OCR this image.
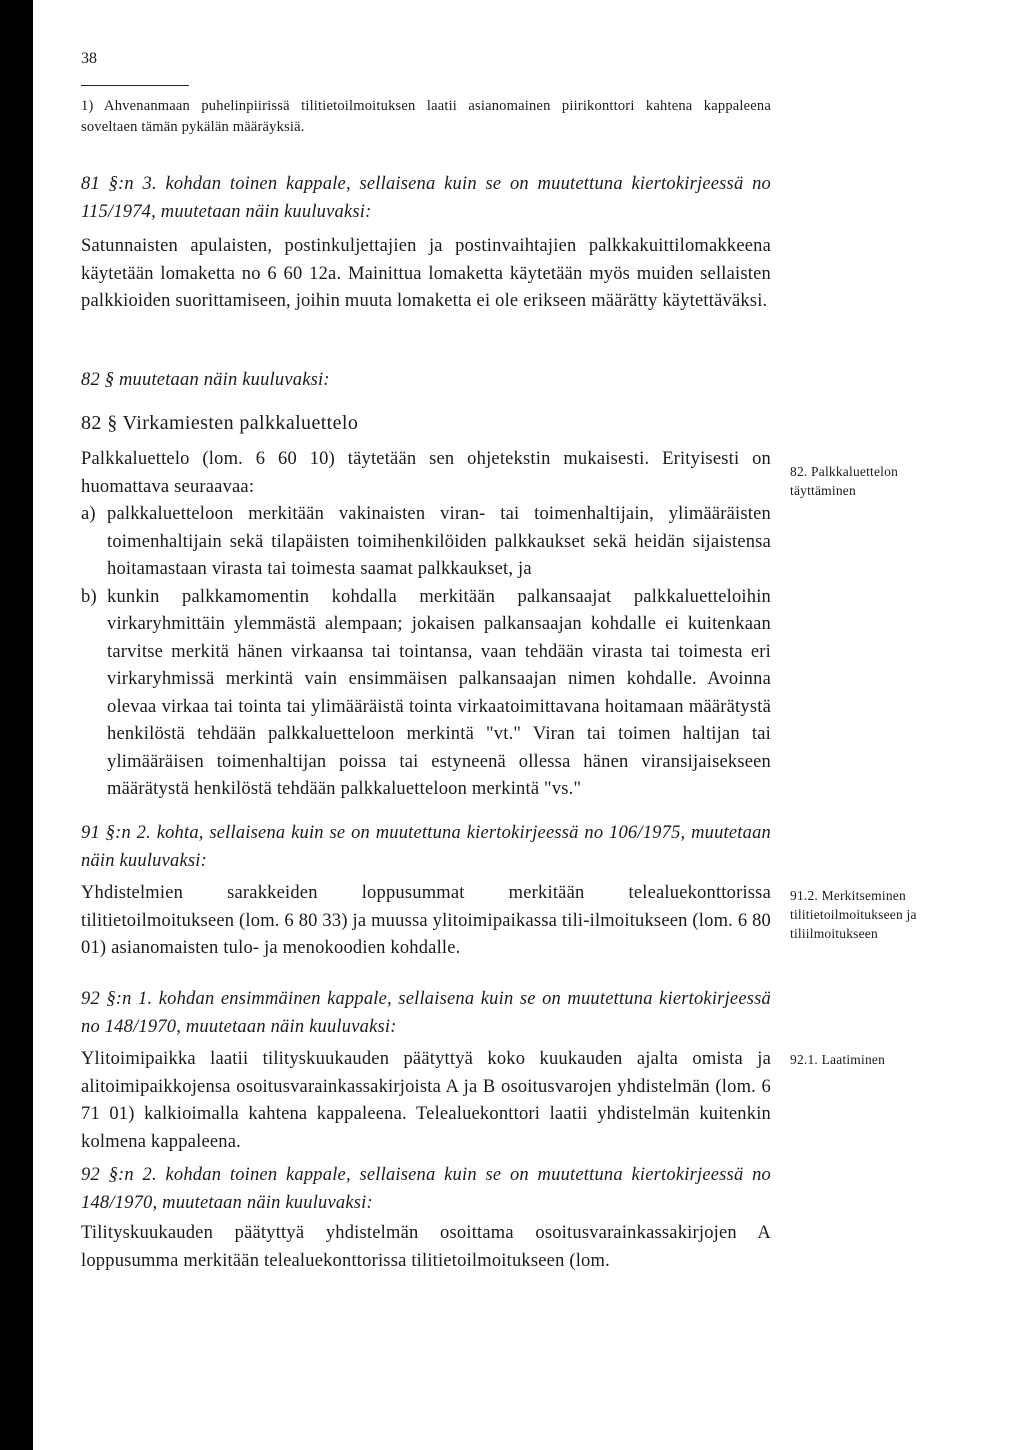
38

1) Ahvenanmaan puhelinpiirissä tilitietoilmoituksen laatii asianomainen piirikonttori kahtena kappaleena soveltaen tämän pykälän määräyksiä.

81 §:n 3. kohdan toinen kappale, sellaisena kuin se on muutettuna kiertokirjeessä no 115/1974, muutetaan näin kuuluvaksi:

Satunnaisten apulaisten, postinkuljettajien ja postinvaihtajien palkkakuittilomakkeena käytetään lomaketta no 6 60 12a. Mainittua lomaketta käytetään myös muiden sellaisten palkkioiden suorittamiseen, joihin muuta lomaketta ei ole erikseen määrätty käytettäväksi.

82 § muutetaan näin kuuluvaksi:

82 § Virkamiesten palkkaluettelo

Palkkaluettelo (lom. 6 60 10) täytetään sen ohjetekstin mukaisesti. Erityisesti on huomattava seuraavaa:

a) palkkaluetteloon merkitään vakinaisten viran- tai toimenhaltijain, ylimääräisten toimenhaltijain sekä tilapäisten toimihenkilöiden palkkaukset sekä heidän sijaistensa hoitamastaan virasta tai toimesta saamat palkkaukset, ja
b) kunkin palkkamomentin kohdalla merkitään palkansaajat palkkaluetteloihin virkaryhmittäin ylemmästä alempaan; jokaisen palkansaajan kohdalle ei kuitenkaan tarvitse merkitä hänen virkaansa tai tointansa, vaan tehdään virasta tai toimesta eri virkaryhmissä merkintä vain ensimmäisen palkansaajan nimen kohdalle. Avoinna olevaa virkaa tai tointa tai ylimääräistä tointa virkaatoimittavana hoitamaan määrätystä henkilöstä tehdään palkkaluetteloon merkintä "vt." Viran tai toimen haltijan tai ylimääräisen toimenhaltijan poissa tai estyneenä ollessa hänen viransijaisekseen määrätystä henkilöstä tehdään palkkaluetteloon merkintä "vs."
82. Palkkaluettelon täyttäminen

91 §:n 2. kohta, sellaisena kuin se on muutettuna kiertokirjeessä no 106/1975, muutetaan näin kuuluvaksi:

Yhdistelmien sarakkeiden loppusummat merkitään telealuekonttorissa tilitietoilmoitukseen (lom. 6 80 33) ja muussa ylitoimipaikassa tili-ilmoitukseen (lom. 6 80 01) asianomaisten tulo- ja menokoodien kohdalle.

91.2. Merkitseminen tilitietoilmoitukseen ja tiliilmoitukseen

92 §:n 1. kohdan ensimmäinen kappale, sellaisena kuin se on muutettuna kiertokirjeessä no 148/1970, muutetaan näin kuuluvaksi:

Ylitoimipaikka laatii tilityskuukauden päätyttyä koko kuukauden ajalta omista ja alitoimipaikkojensa osoitusvarainkassakirjoista A ja B osoitusvarojen yhdistelmän (lom. 6 71 01) kalkioimalla kahtena kappaleena. Telealuekonttori laatii yhdistelmän kuitenkin kolmena kappaleena.

92.1. Laatiminen

92 §:n 2. kohdan toinen kappale, sellaisena kuin se on muutettuna kiertokirjeessä no 148/1970, muutetaan näin kuuluvaksi:

Tilityskuukauden päätyttyä yhdistelmän osoittama osoitusvarainkassakirjojen A loppusumma merkitään telealuekonttorissa tilitietoilmoitukseen (lom.
